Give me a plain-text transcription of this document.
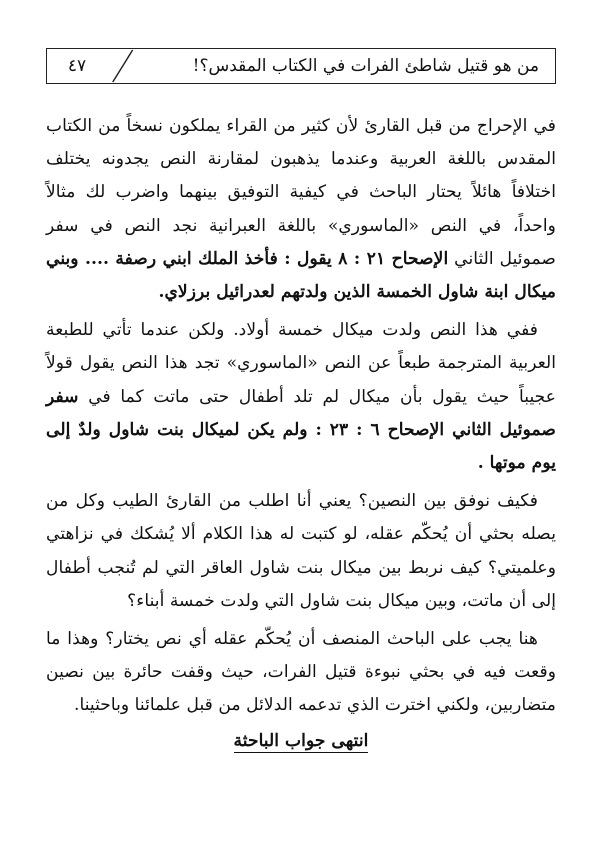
٤٧	من هو قتيل شاطئ الفرات في الكتاب المقدس؟!

في الإحراج من قبل القارئ لأن كثير من القراء يملكون نسخاً من الكتاب المقدس باللغة العربية وعندما يذهبون لمقارنة النص يجدونه يختلف اختلافاً هائلاً يحتار الباحث في كيفية التوفيق بينهما واضرب لك مثالاً واحداً، في النص «الماسوري» باللغة العبرانية نجد النص في سفر صموئيل الثاني الإصحاح ٢١ : ٨ يقول : فأخذ الملك ابني رصفة .... وبني ميكال ابنة شاول الخمسة الذين ولدتهم لعدرائيل برزلاي.

ففي هذا النص ولدت ميكال خمسة أولاد. ولكن عندما تأتي للطبعة العربية المترجمة طبعاً عن النص «الماسوري» تجد هذا النص يقول قولاً عجيباً حيث يقول بأن ميكال لم تلد أطفال حتى ماتت كما في سفر صموئيل الثاني الإصحاح ٦ : ٢٣ : ولم يكن لميكال بنت شاول ولدٌ إلى يوم موتها .

فكيف نوفق بين النصين؟ يعني أنا اطلب من القارئ الطيب وكل من يصله بحثي أن يُحكّم عقله، لو كتبت له هذا الكلام ألا يُشكك في نزاهتي وعلميتي؟ كيف نربط بين ميكال بنت شاول العاقر التي لم تُنجب أطفال إلى أن ماتت، وبين ميكال بنت شاول التي ولدت خمسة أبناء؟

هنا يجب على الباحث المنصف أن يُحكّم عقله أي نص يختار؟ وهذا ما وقعت فيه في بحثي نبوءة قتيل الفرات، حيث وقفت حائرة بين نصين متضاربين، ولكني اخترت الذي تدعمه الدلائل من قبل علمائنا وباحثينا.

انتهى جواب الباحثة
